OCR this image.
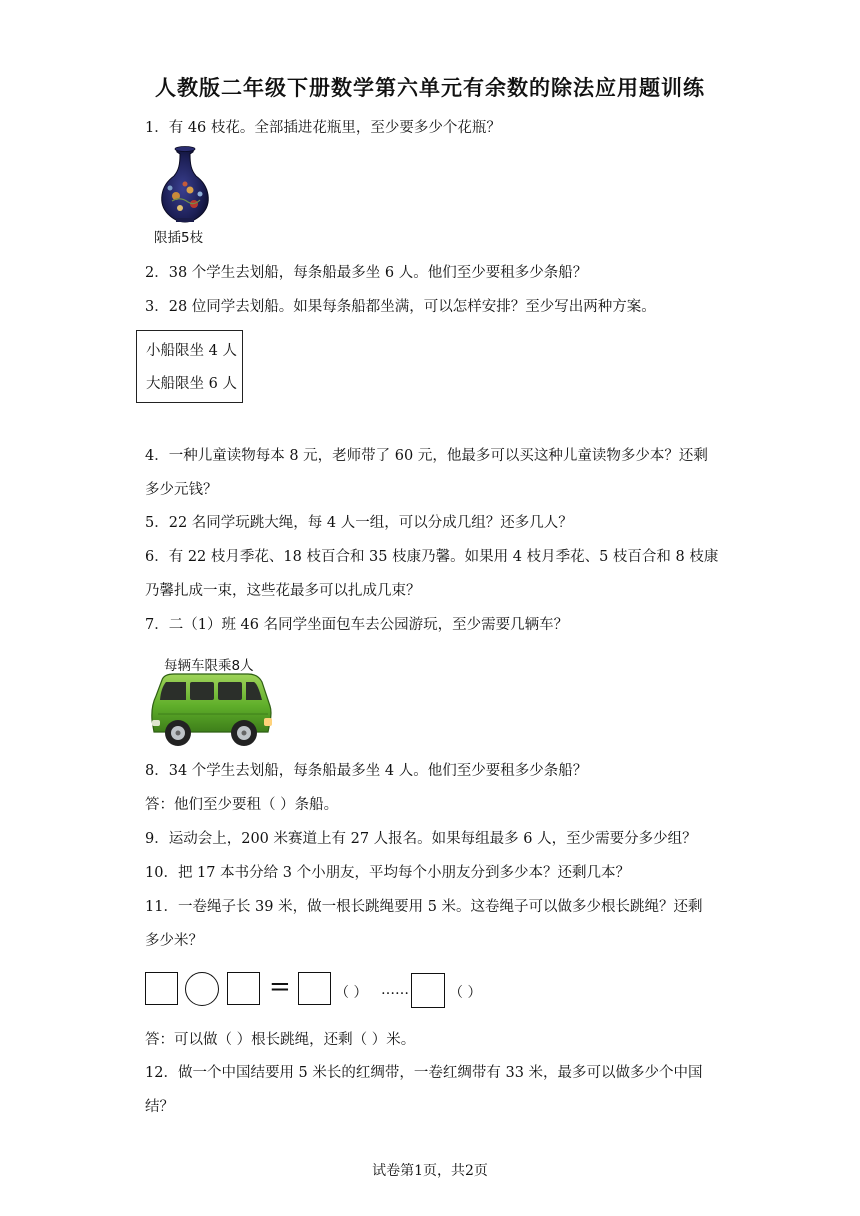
人教版二年级下册数学第六单元有余数的除法应用题训练
1．有 46 枝花。全部插进花瓶里，至少要多少个花瓶？
限插5枝
2．38 个学生去划船，每条船最多坐 6 人。他们至少要租多少条船？
3．28 位同学去划船。如果每条船都坐满，可以怎样安排？至少写出两种方案。
小船限坐 4 人
大船限坐 6 人
4．一种儿童读物每本 8 元，老师带了 60 元，他最多可以买这种儿童读物多少本？还剩
多少元钱？
5．22 名同学玩跳大绳，每 4 人一组，可以分成几组？还多几人？
6．有 22 枝月季花、18 枝百合和 35 枝康乃馨。如果用 4 枝月季花、5 枝百合和 8 枝康
乃馨扎成一束，这些花最多可以扎成几束？
7．二（1）班 46 名同学坐面包车去公园游玩，至少需要几辆车？
每辆车限乘8人
8．34 个学生去划船，每条船最多坐 4 人。他们至少要租多少条船？
答：他们至少要租（ ）条船。
9．运动会上，200 米赛道上有 27 人报名。如果每组最多 6 人，至少需要分多少组？
10．把 17 本书分给 3 个小朋友，平均每个小朋友分到多少本？还剩几本？
11．一卷绳子长 39 米，做一根长跳绳要用 5 米。这卷绳子可以做多少根长跳绳？还剩
多少米？
=	（ ） ……	（ ）
答：可以做（ ）根长跳绳，还剩（ ）米。
12．做一个中国结要用 5 米长的红绸带，一卷红绸带有 33 米，最多可以做多少个中国
结？
试卷第1页，共2页
